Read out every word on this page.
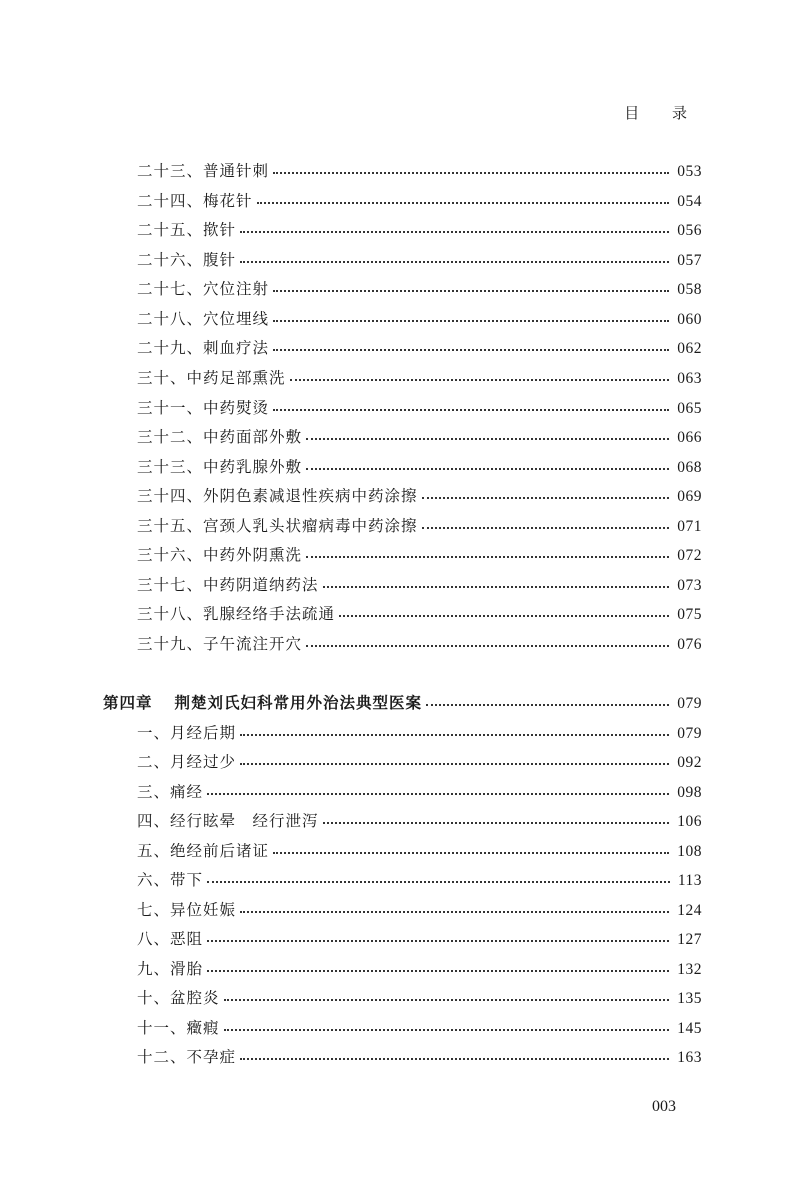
目 录
二十三、普通针刺	053
二十四、梅花针	054
二十五、揿针	056
二十六、腹针	057
二十七、穴位注射	058
二十八、穴位埋线	060
二十九、刺血疗法	062
三十、中药足部熏洗	063
三十一、中药熨烫	065
三十二、中药面部外敷	066
三十三、中药乳腺外敷	068
三十四、外阴色素减退性疾病中药涂擦	069
三十五、宫颈人乳头状瘤病毒中药涂擦	071
三十六、中药外阴熏洗	072
三十七、中药阴道纳药法	073
三十八、乳腺经络手法疏通	075
三十九、子午流注开穴	076
第四章 荆楚刘氏妇科常用外治法典型医案	079
一、月经后期	079
二、月经过少	092
三、痛经	098
四、经行眩晕　经行泄泻	106
五、绝经前后诸证	108
六、带下	113
七、异位妊娠	124
八、恶阻	127
九、滑胎	132
十、盆腔炎	135
十一、癥瘕	145
十二、不孕症	163
003
